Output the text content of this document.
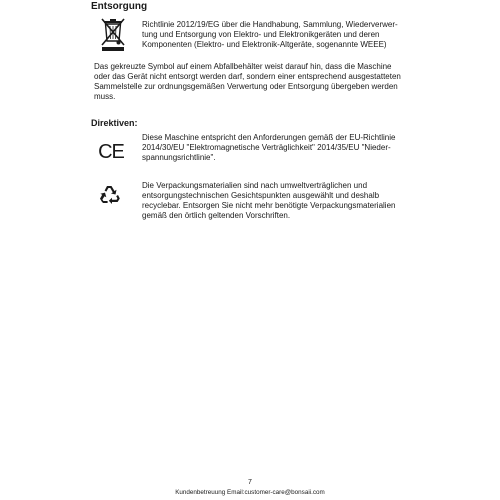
Entsorgung

Richtlinie 2012/19/EG über die Handhabung, Sammlung, Wiederverwer-
tung und Entsorgung von Elektro- und Elektronikgeräten und deren
Komponenten (Elektro- und Elektronik-Altgeräte, sogenannte WEEE)

Das gekreuzte Symbol auf einem Abfallbehälter weist darauf hin, dass die Maschine
oder das Gerät nicht entsorgt werden darf, sondern einer entsprechend ausgestatteten
Sammelstelle zur ordnungsgemäßen Verwertung oder Entsorgung übergeben werden
muss.

Direktiven:
CE

Diese Maschine entspricht den Anforderungen gemäß der EU-Richtlinie
2014/30/EU "Elektromagnetische Verträglichkeit" 2014/35/EU "Nieder-
spannungsrichtlinie".

Die Verpackungsmaterialien sind nach umweltverträglichen und
entsorgungstechnischen Gesichtspunkten ausgewählt und deshalb
recyclebar. Entsorgen Sie nicht mehr benötigte Verpackungsmaterialien
gemäß den örtlich geltenden Vorschriften.

7
Kundenbetreuung Email:customer-care@bonsaii.com
